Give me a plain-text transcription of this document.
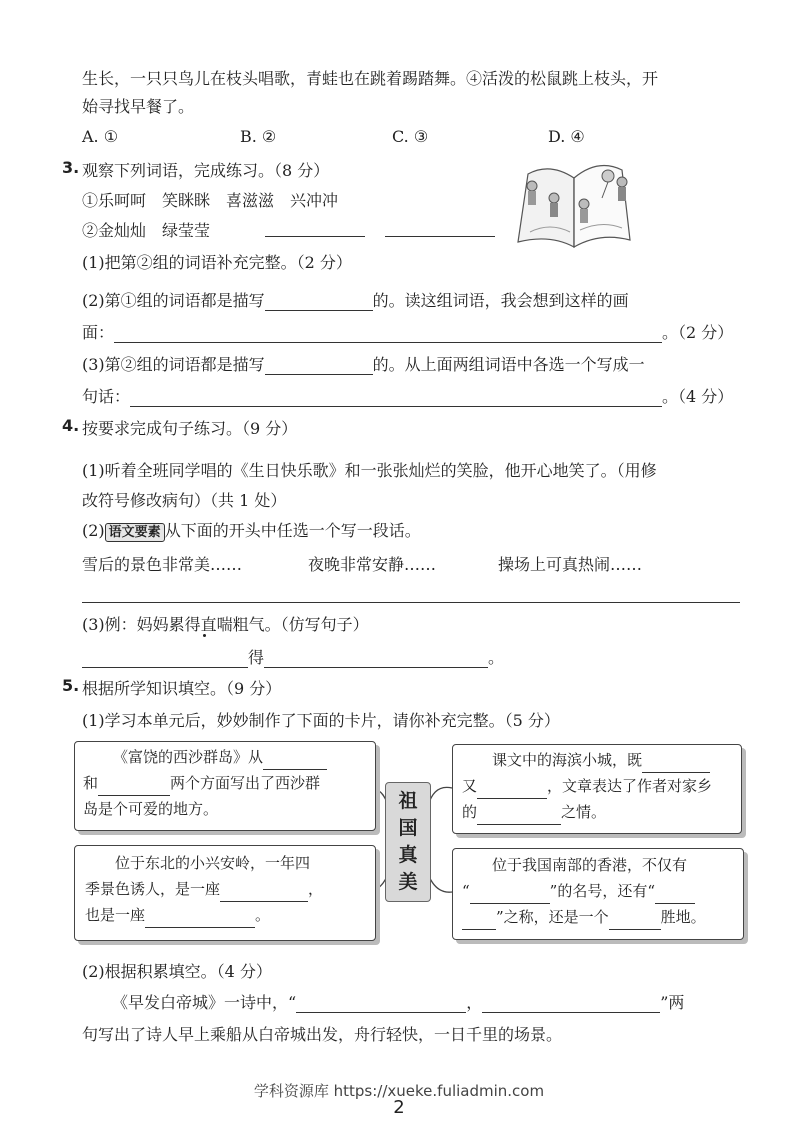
生长，一只只鸟儿在枝头唱歌，青蛙也在跳着踢踏舞。④活泼的松鼠跳上枝头，开
始寻找早餐了。
A. ①	B. ②	C. ③	D. ④
3. 观察下列词语，完成练习。（8 分）
①乐呵呵　笑眯眯　喜滋滋　兴冲冲
②金灿灿　绿莹莹
(1)把第②组的词语补充完整。（2 分）
(2)第①组的词语都是描写	的。读这组词语，我会想到这样的画
面：	。（2 分）
(3)第②组的词语都是描写	的。从上面两组词语中各选一个写成一
句话：	。（4 分）
4. 按要求完成句子练习。（9 分）
(1)听着全班同学唱的《生日快乐歌》和一张张灿烂的笑脸，他开心地笑了。（用修
改符号修改病句）（共 1 处）
(2) 语文要素 从下面的开头中任选一个写一段话。
雪后的景色非常美……	夜晚非常安静……	操场上可真热闹……
(3)例：妈妈累得直喘粗气。（仿写句子）
得	。
5. 根据所学知识填空。（9 分）
(1)学习本单元后，妙妙制作了下面的卡片，请你补充完整。（5 分）
祖
国
真
美

《富饶的西沙群岛》从

和	两个方面写出了西沙群

岛是个可爱的地方。

课文中的海滨小城，既

又	，文章表达了作者对家乡

的	之情。

位于东北的小兴安岭，一年四

季景色诱人，是一座	，

也是一座	。

位于我国南部的香港，不仅有

“	”的名号，还有“

”之称，还是一个	胜地。

(2)根据积累填空。（4 分）
《早发白帝城》一诗中，“	，	”两
句写出了诗人早上乘船从白帝城出发，舟行轻快，一日千里的场景。
学科资源库 https://xueke.fuliadmin.com
2
